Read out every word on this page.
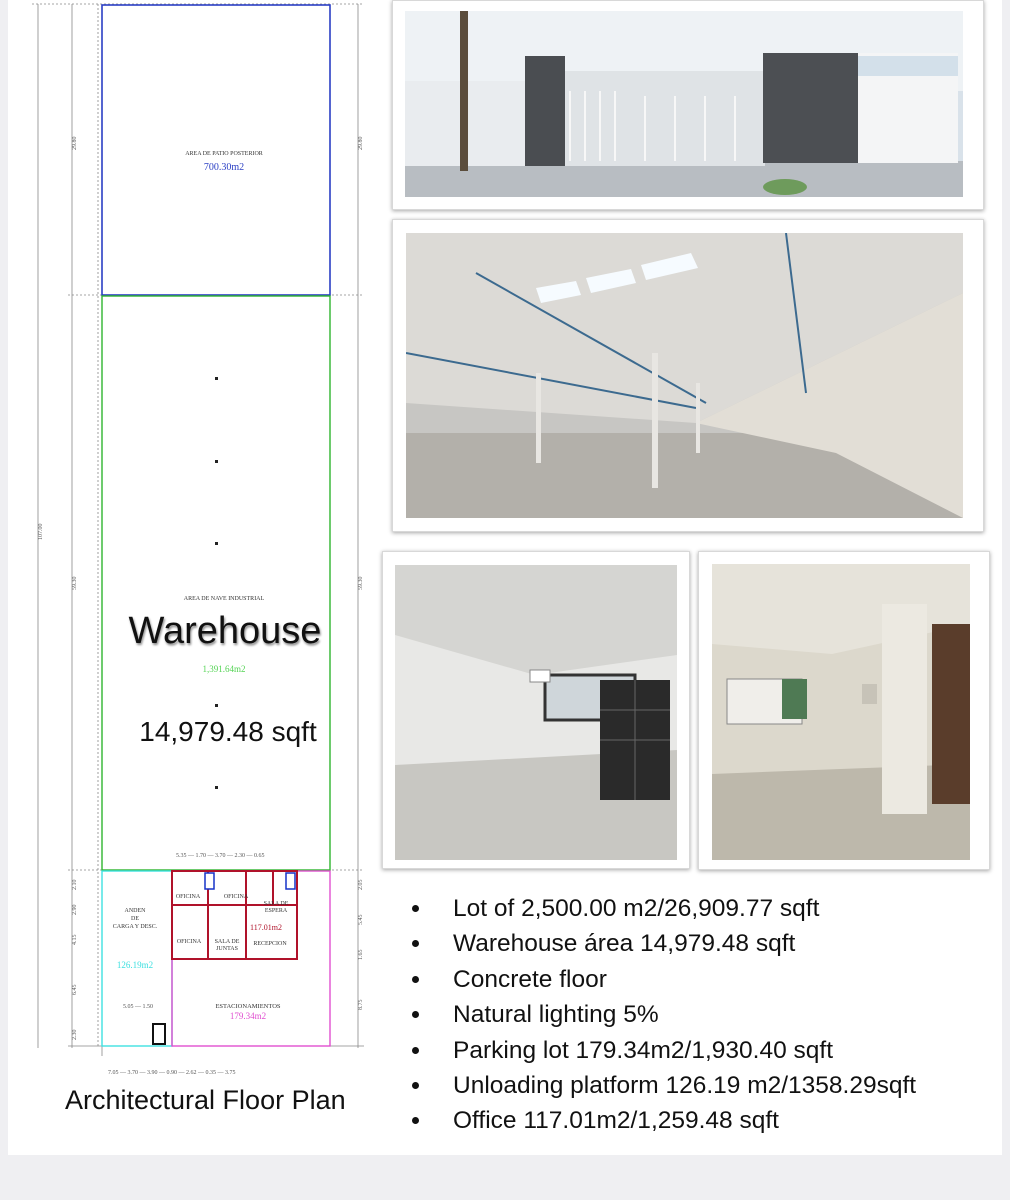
107.00
29.80	29.80
59.30	59.30
2.10
2.90
4.15
6.45
2.30
2.05
5.45
1.65
8.75
5.35 — 1.70 — 3.70 — 2.30 — 0.65
5.05 — 1.50
7.05 — 3.70 — 3.90 — 0.90 — 2.62 — 0.35 — 3.75
AREA DE PATIO POSTERIOR
700.30m2
AREA DE NAVE INDUSTRIAL
1,391.64m2
ANDEN
DE
CARGA Y DESC.
126.19m2
OFICINA	OFICINA
OFICINA
SALA DE
ESPERA
SALA DE
JUNTAS
RECEPCION
117.01m2
ESTACIONAMIENTOS
179.34m2
Warehouse
14,979.48 sqft
Architectural Floor Plan
Lot of 2,500.00 m2/26,909.77 sqft
Warehouse área 14,979.48 sqft
Concrete floor
Natural lighting 5%
Parking lot 179.34m2/1,930.40 sqft
Unloading platform 126.19 m2/1358.29sqft
Office 117.01m2/1,259.48 sqft
